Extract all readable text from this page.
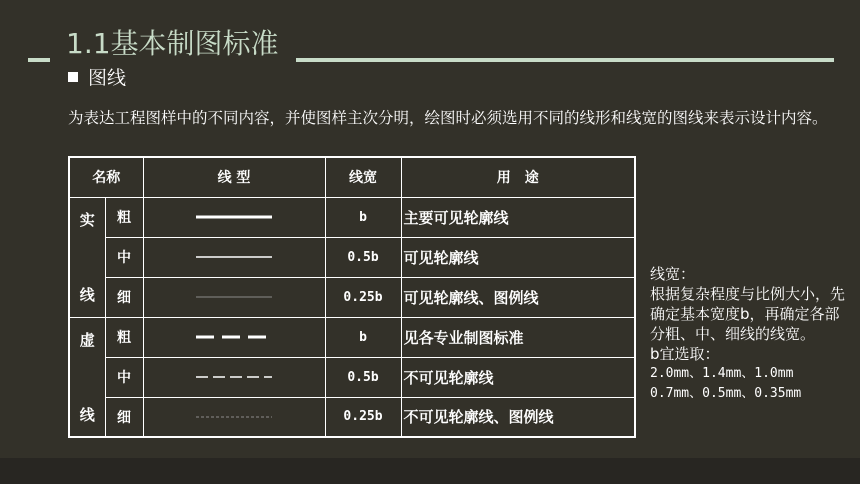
1.1基本制图标准
图线
为表达工程图样中的不同内容，并使图样主次分明，绘图时必须选用不同的线形和线宽的图线来表示设计内容。
名称		线 型	线宽	用　途

实
线	粗		b	主要可见轮廓线
	中		0.5b	可见轮廓线
	细		0.25b	可见轮廓线、图例线

虚
线	粗		b	见各专业制图标准
	中		0.5b	不可见轮廓线
	细		0.25b	不可见轮廓线、图例线
线宽：
根据复杂程度与比例大小，先确定基本宽度b，再确定各部分粗、中、细线的线宽。
b宜选取：
2.0mm、1.4mm、1.0mm
0.7mm、0.5mm、0.35mm
